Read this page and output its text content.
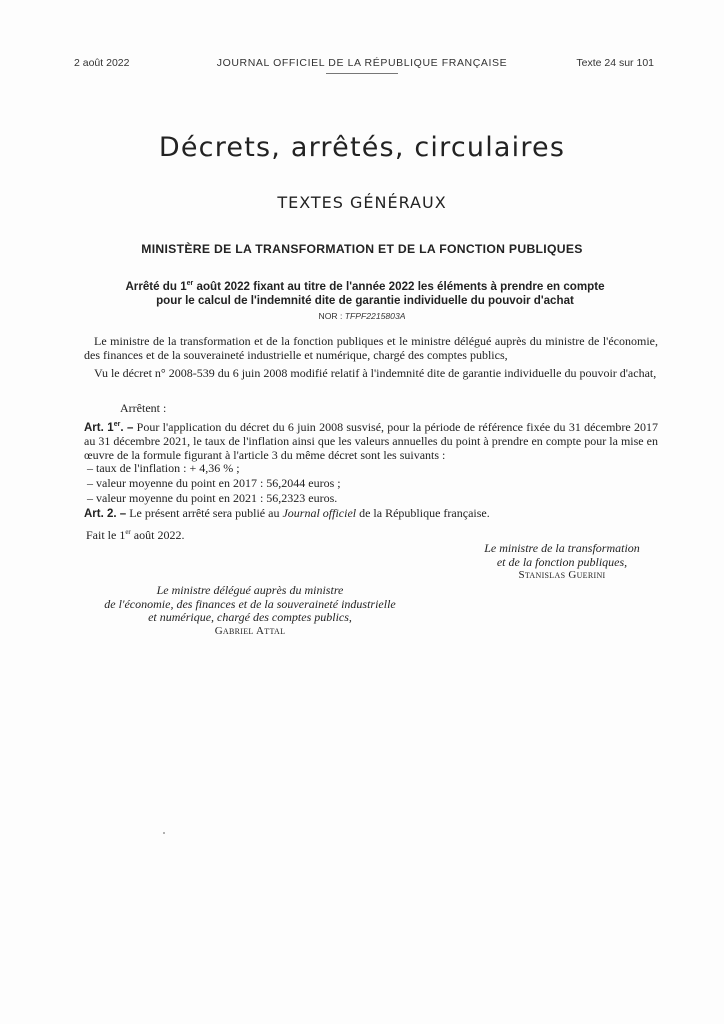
2 août 2022	JOURNAL OFFICIEL DE LA RÉPUBLIQUE FRANÇAISE	Texte 24 sur 101
Décrets, arrêtés, circulaires
TEXTES GÉNÉRAUX
MINISTÈRE DE LA TRANSFORMATION ET DE LA FONCTION PUBLIQUES
Arrêté du 1er août 2022 fixant au titre de l'année 2022 les éléments à prendre en compte
pour le calcul de l'indemnité dite de garantie individuelle du pouvoir d'achat
NOR : TFPF2215803A
Le ministre de la transformation et de la fonction publiques et le ministre délégué auprès du ministre de l'économie, des finances et de la souveraineté industrielle et numérique, chargé des comptes publics,
Vu le décret n° 2008-539 du 6 juin 2008 modifié relatif à l'indemnité dite de garantie individuelle du pouvoir d'achat,
Arrêtent :
Art. 1er. – Pour l'application du décret du 6 juin 2008 susvisé, pour la période de référence fixée du 31 décembre 2017 au 31 décembre 2021, le taux de l'inflation ainsi que les valeurs annuelles du point à prendre en compte pour la mise en œuvre de la formule figurant à l'article 3 du même décret sont les suivants :
– taux de l'inflation : + 4,36 % ;
– valeur moyenne du point en 2017 : 56,2044 euros ;
– valeur moyenne du point en 2021 : 56,2323 euros.
Art. 2. – Le présent arrêté sera publié au Journal officiel de la République française.
Fait le 1er août 2022.
Le ministre de la transformation
et de la fonction publiques,
Stanislas Guerini
Le ministre délégué auprès du ministre
de l'économie, des finances et de la souveraineté industrielle
et numérique, chargé des comptes publics,
Gabriel Attal
